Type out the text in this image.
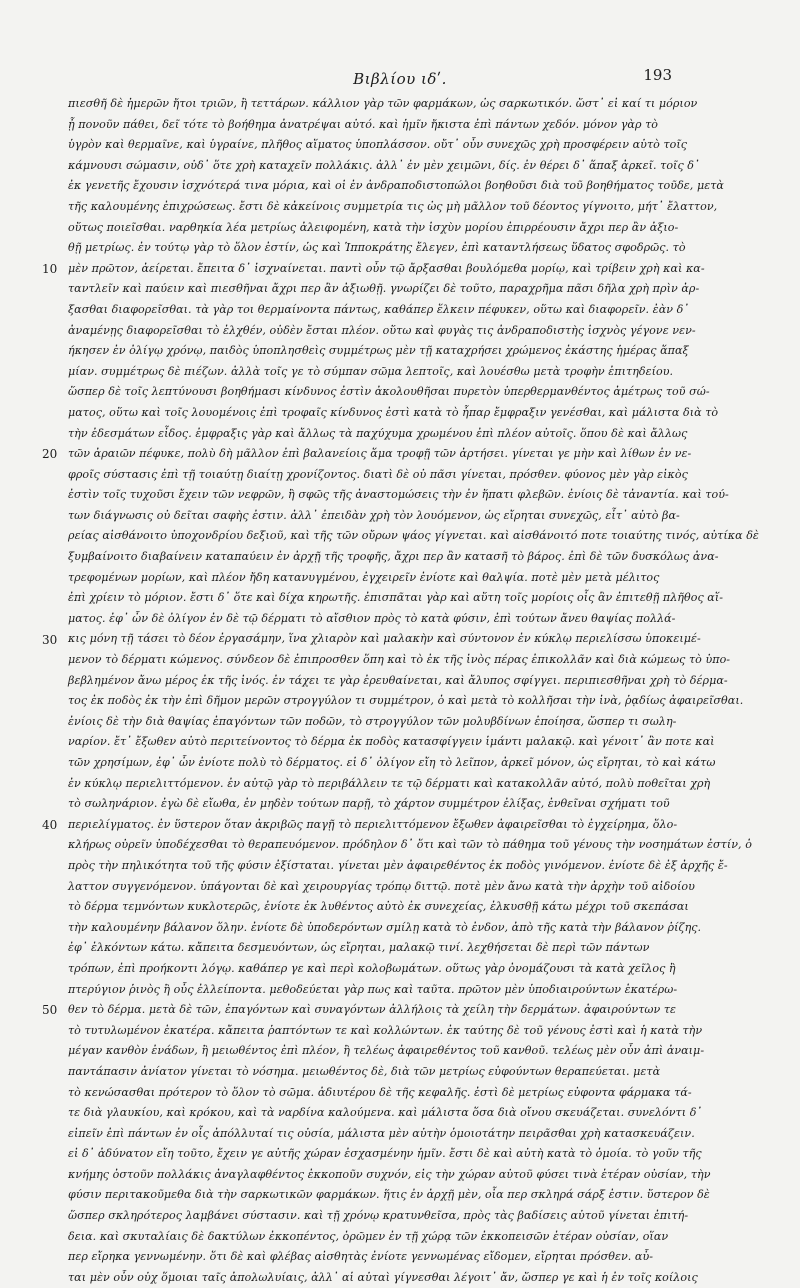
Βιβλίου ιδʹ.	193
10
20
30
40
50
πιεσθῆ δὲ ἡμερῶν ἤτοι τριῶν, ἢ τεττάρων. κάλλιον γὰρ τῶν φαρμάκων, ὡς σαρκωτικόν. ὥστ᾽ εἰ καί τι μόριον
ᾖ πονοῦν πάθει, δεῖ τότε τὸ βοήθημα ἀνατρέψαι αὐτό. καὶ ἡμῖν ἤκιστα ἐπὶ πάντων χεδόν. μόνον γὰρ τὸ
ὑγρὸν καὶ θερμαῖνε, καὶ ὑγραίνε, πλῆθος αἵματος ὑποπλάσσον. οὔτ᾽ οὖν συνεχῶς χρὴ προσφέρειν αὐτὸ τοῖς
κάμνουσι σώμασιν, οὐδ᾽ ὅτε χρὴ καταχεῖν πολλάκις. ἀλλ᾽ ἐν μὲν χειμῶνι, δίς. ἐν θέρει δ᾽ ἅπαξ ἀρκεῖ. τοῖς δ᾽
ἐκ γενετῆς ἔχουσιν ἰσχνότερά τινα μόρια, καὶ οἱ ἐν ἀνδραποδιστοπώλοι βοηθοῦσι διὰ τοῦ βοηθήματος τοῦδε, μετὰ
τῆς καλουμένης ἐπιχρώσεως. ἔστι δὲ κἀκείνοις συμμετρία τις ὡς μὴ μᾶλλον τοῦ δέοντος γίγνοιτο, μήτ᾽ ἔλαττον,
οὕτως ποιεῖσθαι. ναρθηκία λέα μετρίως ἀλειφομένη, κατὰ τὴν ἰσχὺν μορίου ἐπιρρέουσιν ἄχρι περ ἂν ἀξιο-
θῇ μετρίως. ἐν τούτῳ γὰρ τὸ ὅλον ἐστίν, ὡς καὶ Ἱπποκράτης ἔλεγεν, ἐπὶ καταντλήσεως ὕδατος σφοδρῶς. τὸ
μὲν πρῶτον, ἀείρεται. ἔπειτα δ᾽ ἰσχναίνεται. παντὶ οὖν τῷ ἄρξασθαι βουλόμεθα μορίῳ, καὶ τρίβειν χρὴ καὶ κα-
ταντλεῖν καὶ παύειν καὶ πιεσθῆναι ἄχρι περ ἂν ἀξιωθῇ. γνωρίζει δὲ τοῦτο, παραχρῆμα πᾶσι δῆλα χρὴ πρὶν ἀρ-
ξασθαι διαφορεῖσθαι. τὰ γὰρ τοι θερμαίνοντα πάντως, καθάπερ ἕλκειν πέφυκεν, οὕτω καὶ διαφορεῖν. ἐὰν δ᾽
ἀναμένῃς διαφορεῖσθαι τὸ ἑλχθέν, οὐδὲν ἔσται πλέον. οὕτω καὶ φυγὰς τις ἀνδραποδιστὴς ἰσχνὸς γέγονε νεν-
ήκησεν ἐν ὀλίγῳ χρόνῳ, παιδὸς ὑποπλησθεὶς συμμέτρως μὲν τῇ καταχρήσει χρώμενος ἑκάστης ἡμέρας ἅπαξ
μίαν. συμμέτρως δὲ πιέζων. ἀλλὰ τοῖς γε τὸ σύμπαν σῶμα λεπτοῖς, καὶ λουέσθω μετὰ τροφὴν ἐπιτηδείου.
ὥσπερ δὲ τοῖς λεπτύνουσι βοηθήμασι κίνδυνος ἐστὶν ἀκολουθῆσαι πυρετὸν ὑπερθερμανθέντος ἀμέτρως τοῦ σώ-
ματος, οὕτω καὶ τοῖς λουομένοις ἐπὶ τροφαῖς κίνδυνος ἐστὶ κατὰ τὸ ἧπαρ ἔμφραξιν γενέσθαι, καὶ μάλιστα διὰ τὸ
τὴν ἐδεσμάτων εἶδος. ἐμφραξις γὰρ καὶ ἄλλως τὰ παχύχυμα χρωμένου ἐπὶ πλέον αὐτοῖς. ὅπου δὲ καὶ ἄλλως
τῶν ἀραιῶν πέφυκε, πολὺ δὴ μᾶλλον ἐπὶ βαλανείοις ἅμα τροφῇ τῶν ἀρτήσει. γίνεται γε μὴν καὶ λίθων ἐν νε-
φροῖς σύστασις ἐπὶ τῇ τοιαύτῃ διαίτῃ χρονίζοντος. διατὶ δὲ οὐ πᾶσι γίνεται, πρόσθεν. φύονος μὲν γὰρ εἰκὸς
ἐστὶν τοῖς τυχοῦσι ἔχειν τῶν νεφρῶν, ἢ σφῶς τῆς ἀναστομώσεις τὴν ἐν ἥπατι φλεβῶν. ἐνίοις δὲ τἀναντία. καὶ τού-
των διάγνωσις οὐ δεῖται σαφὴς ἐστιν. ἀλλ᾽ ἐπειδὰν χρὴ τὸν λουόμενον, ὡς εἴρηται συνεχῶς, εἶτ᾽ αὐτὸ βα-
ρείας αἰσθάνοιτο ὑποχονδρίου δεξιοῦ, καὶ τῆς τῶν οὔρων ψάος γίγνεται. καὶ αἰσθάνοιτό ποτε τοιαύτης τινός, αὐτίκα δὲ
ξυμβαίνοιτο διαβαίνειν καταπαύειν ἐν ἀρχῇ τῆς τροφῆς, ἄχρι περ ἂν κατασῆ τὸ βάρος. ἐπὶ δὲ τῶν δυσκόλως ἀνα-
τρεφομένων μορίων, καὶ πλέον ἤδη κατανυγμένου, ἐγχειρεῖν ἐνίοτε καὶ θαλψία. ποτὲ μὲν μετὰ μέλιτος
ἐπὶ χρίειν τὸ μόριον. ἔστι δ᾽ ὅτε καὶ δίχα κηρωτῆς. ἐπισπᾶται γὰρ καὶ αὕτη τοῖς μορίοις οἷς ἂν ἐπιτεθῇ πλῆθος αἵ-
ματος. ἐφ᾽ ὧν δὲ ὀλίγον ἐν δὲ τῷ δέρματι τὸ αἴσθιον πρὸς τὸ κατὰ φύσιν, ἐπὶ τούτων ἄνευ θαψίας πολλά-
κις μόνη τῇ τάσει τὸ δέον ἐργασάμην, ἵνα χλιαρὸν καὶ μαλακὴν καὶ σύντονον ἐν κύκλῳ περιελίσσω ὑποκειμέ-
μενον τὸ δέρματι κώμενος. σύνδεον δὲ ἐπιπροσθεν ὅπη καὶ τὸ ἐκ τῆς ἰνὸς πέρας ἐπικολλᾶν καὶ διὰ κώμεως τὸ ὑπο-
βεβλημένον ἄνω μέρος ἐκ τῆς ἰνός. ἐν τάχει τε γὰρ ἐρευθαίνεται, καὶ ἄλυπος σφίγγει. περιπιεσθῆναι χρὴ τὸ δέρμα-
τος ἐκ ποδὸς ἐκ τὴν ἐπὶ δῆμον μερῶν στρογγύλον τι συμμέτρον, ὁ καὶ μετὰ τὸ κολλῆσαι τὴν ἰνὰ, ῥᾳδίως ἀφαιρεῖσθαι.
ἐνίοις δὲ τὴν διὰ θαψίας ἐπαγόντων τῶν ποδῶν, τὸ στρογγύλον τῶν μολυβδίνων ἐποίησα, ὥσπερ τι σωλη-
ναρίον. ἔτ᾽ ἔξωθεν αὐτὸ περιτείνοντος τὸ δέρμα ἐκ ποδὸς κατασφίγγειν ἱμάντι μαλακῷ. καὶ γένοιτ᾽ ἂν ποτε καὶ
τῶν χρησίμων, ἐφ᾽ ὧν ἐνίοτε πολὺ τὸ δέρματος. εἰ δ᾽ ὀλίγον εἴη τὸ λεῖπον, ἀρκεῖ μόνον, ὡς εἴρηται, τὸ καὶ κάτω
ἐν κύκλῳ περιελιττόμενον. ἐν αὐτῷ γὰρ τὸ περιβάλλειν τε τῷ δέρματι καὶ κατακολλᾶν αὐτό, πολὺ ποθεῖται χρὴ
τὸ σωληνάριον. ἐγὼ δὲ εἴωθα, ἐν μηδὲν τούτων παρῇ, τὸ χάρτον συμμέτρον ἐλίξας, ἐνθεῖναι σχήματι τοῦ
περιελίγματος. ἐν ὕστερον ὅταν ἀκριβῶς παγῇ τὸ περιελιττόμενον ἔξωθεν ἀφαιρεῖσθαι τὸ ἐγχείρημα, ὅλο-
κλήρως οὐρεῖν ὑποδέχεσθαι τὸ θεραπευόμενον. πρόδηλον δ᾽ ὅτι καὶ τῶν τὸ πάθημα τοῦ γένους τὴν νοσημάτων ἐστίν, ὁ
πρὸς τὴν πηλικότητα τοῦ τῆς φύσιν ἐξίσταται. γίνεται μὲν ἀφαιρεθέντος ἐκ ποδὸς γινόμενον. ἐνίοτε δὲ ἐξ ἀρχῆς ἔ-
λαττον συγγενόμενον. ὑπάγονται δὲ καὶ χειρουργίας τρόπῳ διττῷ. ποτὲ μὲν ἄνω κατὰ τὴν ἀρχὴν τοῦ αἰδοίου
τὸ δέρμα τεμνόντων κυκλοτερῶς, ἐνίοτε ἐκ λυθέντος αὐτὸ ἐκ συνεχείας, ἑλκυσθῇ κάτω μέχρι τοῦ σκεπάσαι
τὴν καλουμένην βάλανον ὅλην. ἐνίοτε δὲ ὑποδερόντων σμίλῃ κατὰ τὸ ἐνδον, ἀπὸ τῆς κατὰ τὴν βάλανον ῥίζης.
ἐφ᾽ ἑλκόντων κάτω. κἄπειτα δεσμευόντων, ὡς εἴρηται, μαλακῷ τινί. λεχθήσεται δὲ περὶ τῶν πάντων
τρόπων, ἐπὶ προήκοντι λόγῳ. καθάπερ γε καὶ περὶ κολοβωμάτων. οὕτως γὰρ ὀνομάζουσι τὰ κατὰ χεῖλος ἢ
πτερύγιον ῥινὸς ἢ οὖς ἐλλείποντα. μεθοδεύεται γὰρ πως καὶ ταῦτα. πρῶτον μὲν ὑποδιαιρούντων ἑκατέρω-
θεν τὸ δέρμα. μετὰ δὲ τῶν, ἐπαγόντων καὶ συναγόντων ἀλλήλοις τὰ χείλη τὴν δερμάτων. ἀφαιρούντων τε
τὸ τυτυλωμένον ἑκατέρα. κἄπειτα ῥαπτόντων τε καὶ κολλώντων. ἐκ ταύτης δὲ τοῦ γένους ἐστὶ καὶ ἡ κατὰ τὴν
μέγαν κανθὸν ἐνάδων, ἢ μειωθέντος ἐπὶ πλέον, ἢ τελέως ἀφαιρεθέντος τοῦ κανθοῦ. τελέως μὲν οὖν ἀπὶ ἀναιμ-
παντάπασιν ἀνίατον γίνεται τὸ νόσημα. μειωθέντος δὲ, διὰ τῶν μετρίως εὐφούντων θεραπεύεται. μετὰ
τὸ κενώσασθαι πρότερον τὸ ὅλον τὸ σῶμα. ἀδιυτέρου δὲ τῆς κεφαλῆς. ἐστὶ δὲ μετρίως εὐφοντα φάρμακα τά-
τε διὰ γλαυκίου, καὶ κρόκου, καὶ τὰ ναρδίνα καλούμενα. καὶ μάλιστα ὅσα διὰ οἴνου σκευάζεται. συνελόντι δ᾽
εἰπεῖν ἐπὶ πάντων ἐν οἷς ἀπόλλυταί τις οὐσία, μάλιστα μὲν αὐτὴν ὁμοιοτάτην πειρᾶσθαι χρὴ κατασκευάζειν.
εἰ δ᾽ ἀδύνατον εἴη τοῦτο, ἔχειν γε αὐτῆς χώραν ἐσχασμένην ἡμῖν. ἔστι δὲ καὶ αὐτὴ κατὰ τὸ ὁμοία. τὸ γοῦν τῆς
κνήμης ὀστοῦν πολλάκις ἀναγλαφθέντος ἐκκοποῦν συχνόν, εἰς τὴν χώραν αὐτοῦ φύσει τινὰ ἑτέραν οὐσίαν, τὴν
φύσιν περιτακοῦμεθα διὰ τὴν σαρκωτικῶν φαρμάκων. ἥτις ἐν ἀρχῇ μὲν, οἷα περ σκληρά σάρξ ἐστιν. ὕστερον δὲ
ὥσπερ σκληρότερος λαμβάνει σύστασιν. καὶ τῇ χρόνῳ κρατυνθεῖσα, πρὸς τὰς βαδίσεις αὐτοῦ γίνεται ἐπιτή-
δεια. καὶ σκυταλίαις δὲ δακτύλων ἐκκοπέντος, ὁρῶμεν ἐν τῇ χώρᾳ τῶν ἐκκοπεισῶν ἑτέραν οὐσίαν, οἵαν
περ εἴρηκα γεννωμένην. ὅτι δὲ καὶ φλέβας αἰσθητὰς ἐνίοτε γεννωμένας εἴδομεν, εἴρηται πρόσθεν. αὗ-
ται μὲν οὖν οὐχ ὅμοιαι ταῖς ἀπολωλυίαις, ἀλλ᾽ αἱ αὐταὶ γίγνεσθαι λέγοιτ᾽ ἄν, ὥσπερ γε καὶ ἡ ἐν τοῖς κοίλοις
